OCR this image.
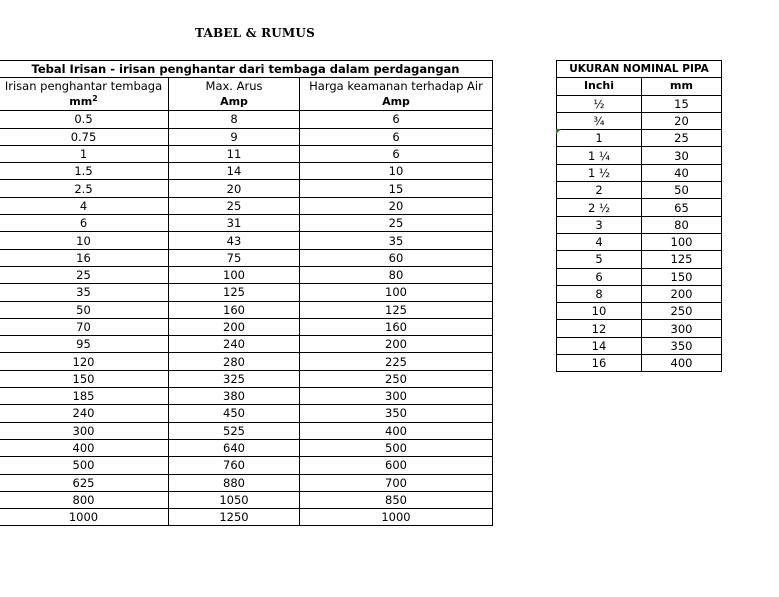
TABEL & RUMUS
Tebal Irisan - irisan penghantar dari tembaga dalam perdagangan		
Irisan penghantar tembaga	Max. Arus	Harga keamanan terhadap Air
$mm^2$	Amp	Amp
0.5	8	6
0.75	9	6
1	11	6
1.5	14	10
2.5	20	15
4	25	20
6	31	25
10	43	35
16	75	60
25	100	80
35	125	100
50	160	125
70	200	160
95	240	200
120	280	225
150	325	250
185	380	300
240	450	350
300	525	400
400	640	500
500	760	600
625	880	700
800	1050	850
1000	1250	1000
UKURAN NOMINAL PIPA	
Inchi	mm
½	15
¾	20
1	25
1 ¼	30
1 ½	40
2	50
2 ½	65
3	80
4	100
5	125
6	150
8	200
10	250
12	300
14	350
16	400
